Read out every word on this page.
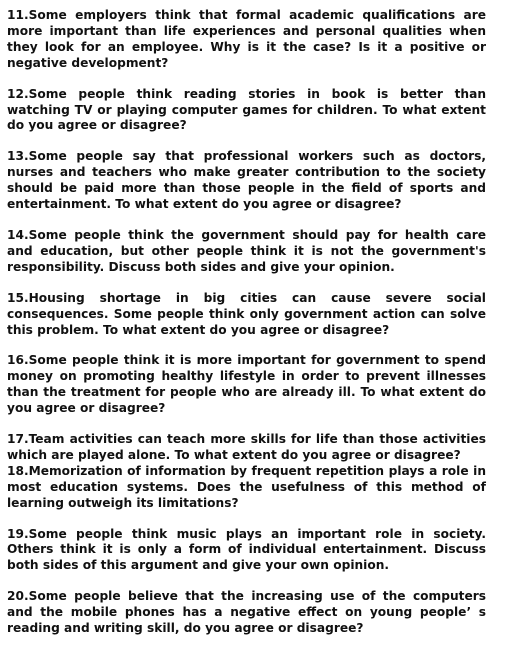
11.Some employers think that formal academic qualifications are more important than life experiences and personal qualities when they look for an employee. Why is it the case? Is it a positive or negative development?

12.Some people think reading stories in book is better than watching TV or playing computer games for children. To what extent do you agree or disagree?

13.Some people say that professional workers such as doctors, nurses and teachers who make greater contribution to the society should be paid more than those people in the field of sports and entertainment. To what extent do you agree or disagree?

14.Some people think the government should pay for health care and education, but other people think it is not the government's responsibility. Discuss both sides and give your opinion.

15.Housing shortage in big cities can cause severe social consequences. Some people think only government action can solve this problem. To what extent do you agree or disagree?

16.Some people think it is more important for government to spend money on promoting healthy lifestyle in order to prevent illnesses than the treatment for people who are already ill. To what extent do you agree or disagree?

17.Team activities can teach more skills for life than those activities which are played alone. To what extent do you agree or disagree?

18.Memorization of information by frequent repetition plays a role in most education systems. Does the usefulness of this method of learning outweigh its limitations?

19.Some people think music plays an important role in society. Others think it is only a form of individual entertainment. Discuss both sides of this argument and give your own opinion.

20.Some people believe that the increasing use of the computers and the mobile phones has a negative effect on young people’ s reading and writing skill, do you agree or disagree?
